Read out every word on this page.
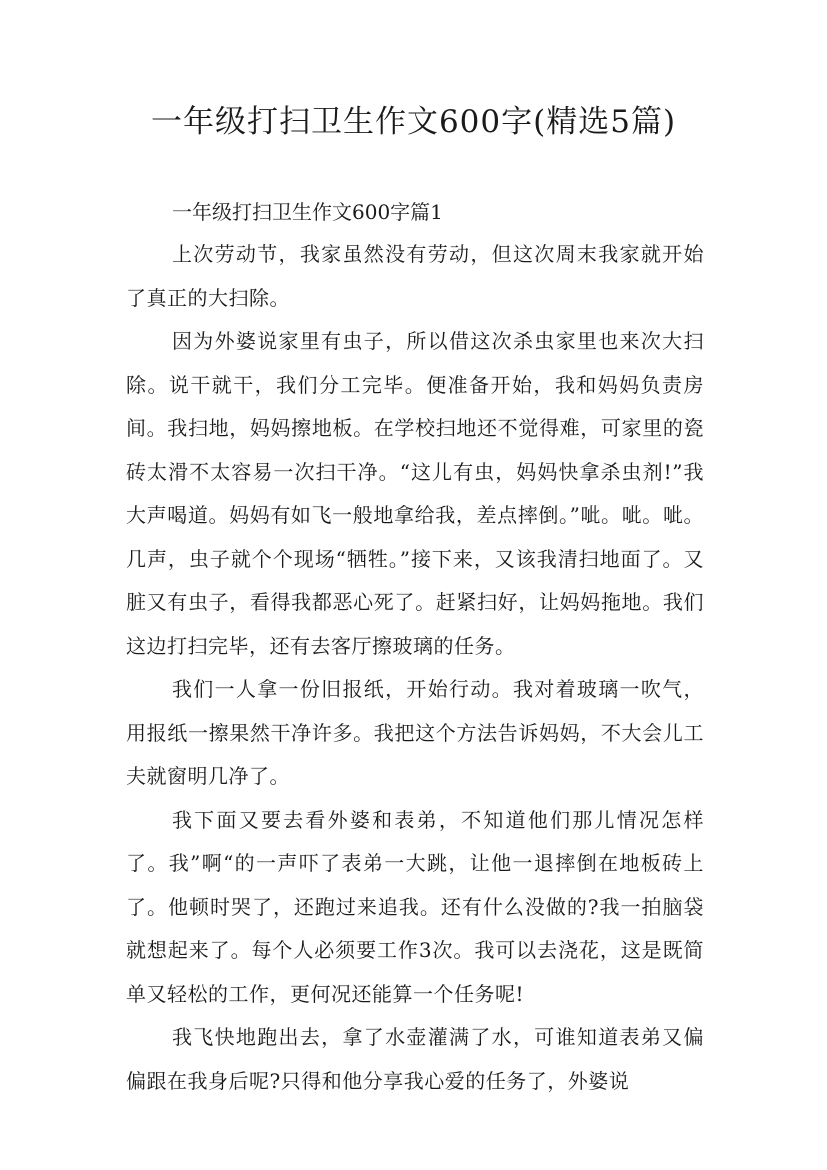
一年级打扫卫生作文600字(精选5篇)

一年级打扫卫生作文600字篇1

上次劳动节，我家虽然没有劳动，但这次周末我家就开始了真正的大扫除。

因为外婆说家里有虫子，所以借这次杀虫家里也来次大扫除。说干就干，我们分工完毕。便准备开始，我和妈妈负责房间。我扫地，妈妈擦地板。在学校扫地还不觉得难，可家里的瓷砖太滑不太容易一次扫干净。“这儿有虫，妈妈快拿杀虫剂!”我大声喝道。妈妈有如飞一般地拿给我，差点摔倒。”呲。呲。呲。几声，虫子就个个现场“牺牲。”接下来，又该我清扫地面了。又脏又有虫子，看得我都恶心死了。赶紧扫好，让妈妈拖地。我们这边打扫完毕，还有去客厅擦玻璃的任务。

我们一人拿一份旧报纸，开始行动。我对着玻璃一吹气，用报纸一擦果然干净许多。我把这个方法告诉妈妈，不大会儿工夫就窗明几净了。

我下面又要去看外婆和表弟，不知道他们那儿情况怎样了。我”啊“的一声吓了表弟一大跳，让他一退摔倒在地板砖上了。他顿时哭了，还跑过来追我。还有什么没做的?我一拍脑袋就想起来了。每个人必须要工作3次。我可以去浇花，这是既简单又轻松的工作，更何况还能算一个任务呢!

我飞快地跑出去，拿了水壶灌满了水，可谁知道表弟又偏偏跟在我身后呢?只得和他分享我心爱的任务了，外婆说
